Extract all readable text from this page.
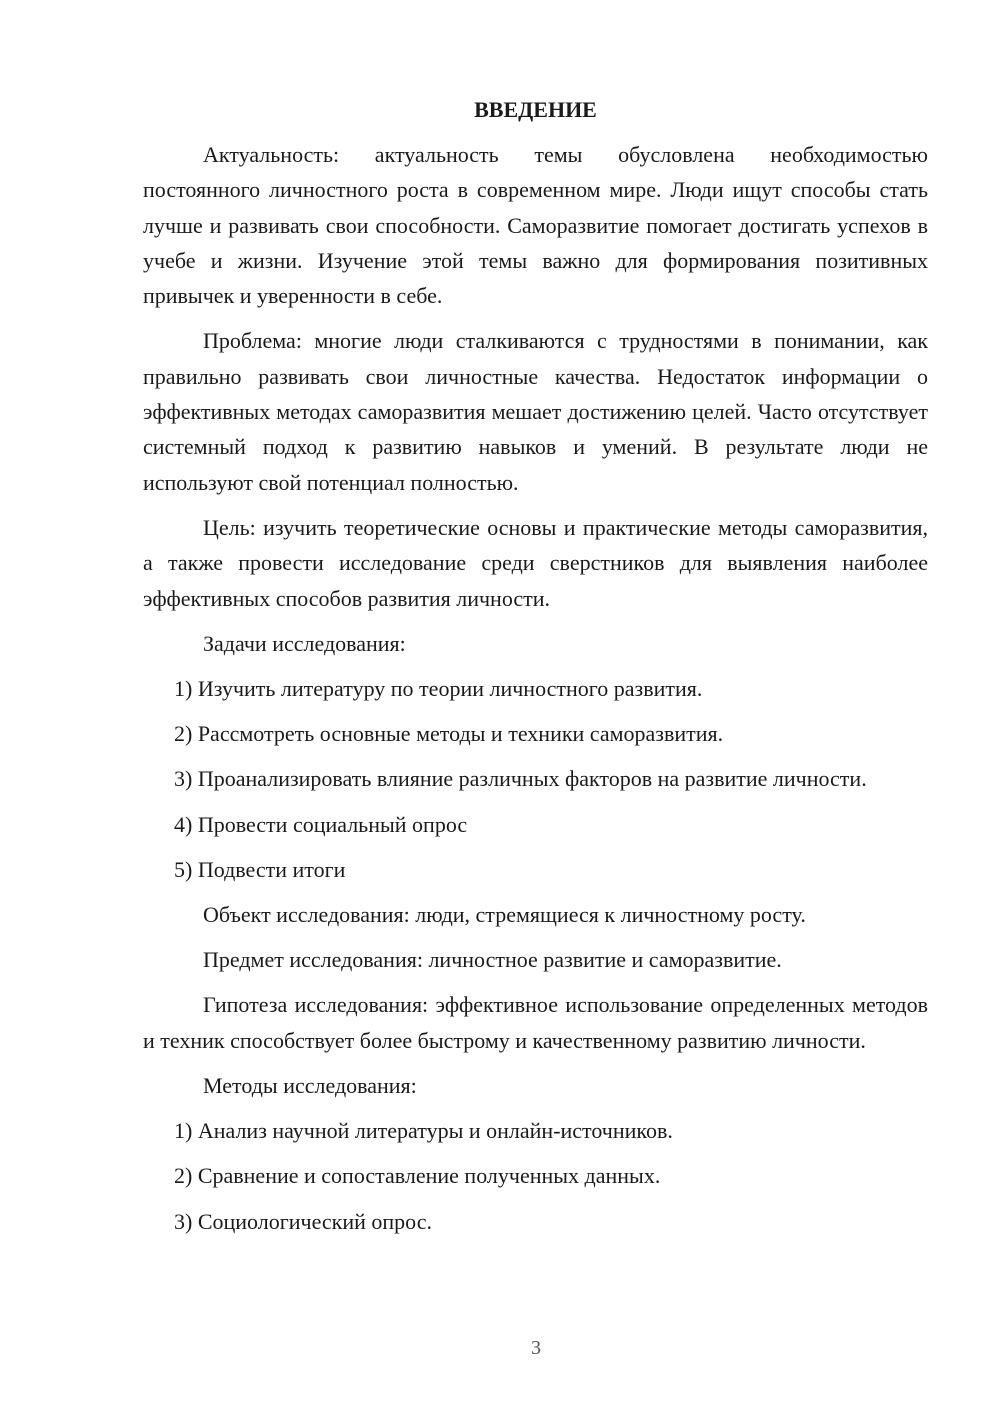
ВВЕДЕНИЕ

Актуальность: актуальность темы обусловлена необходимостью постоянного личностного роста в современном мире. Люди ищут способы стать лучше и развивать свои способности. Саморазвитие помогает достигать успехов в учебе и жизни. Изучение этой темы важно для формирования позитивных привычек и уверенности в себе.

Проблема: многие люди сталкиваются с трудностями в понимании, как правильно развивать свои личностные качества. Недостаток информации о эффективных методах саморазвития мешает достижению целей. Часто отсутствует системный подход к развитию навыков и умений. В результате люди не используют свой потенциал полностью.

Цель: изучить теоретические основы и практические методы саморазвития, а также провести исследование среди сверстников для выявления наиболее эффективных способов развития личности.

Задачи исследования:

1) Изучить литературу по теории личностного развития.

2) Рассмотреть основные методы и техники саморазвития.

3) Проанализировать влияние различных факторов на развитие личности.

4) Провести социальный опрос

5) Подвести итоги

Объект исследования: люди, стремящиеся к личностному росту.

Предмет исследования: личностное развитие и саморазвитие.

Гипотеза исследования: эффективное использование определенных методов и техник способствует более быстрому и качественному развитию личности.

Методы исследования:

1) Анализ научной литературы и онлайн-источников.

2) Сравнение и сопоставление полученных данных.

3) Социологический опрос.

3
